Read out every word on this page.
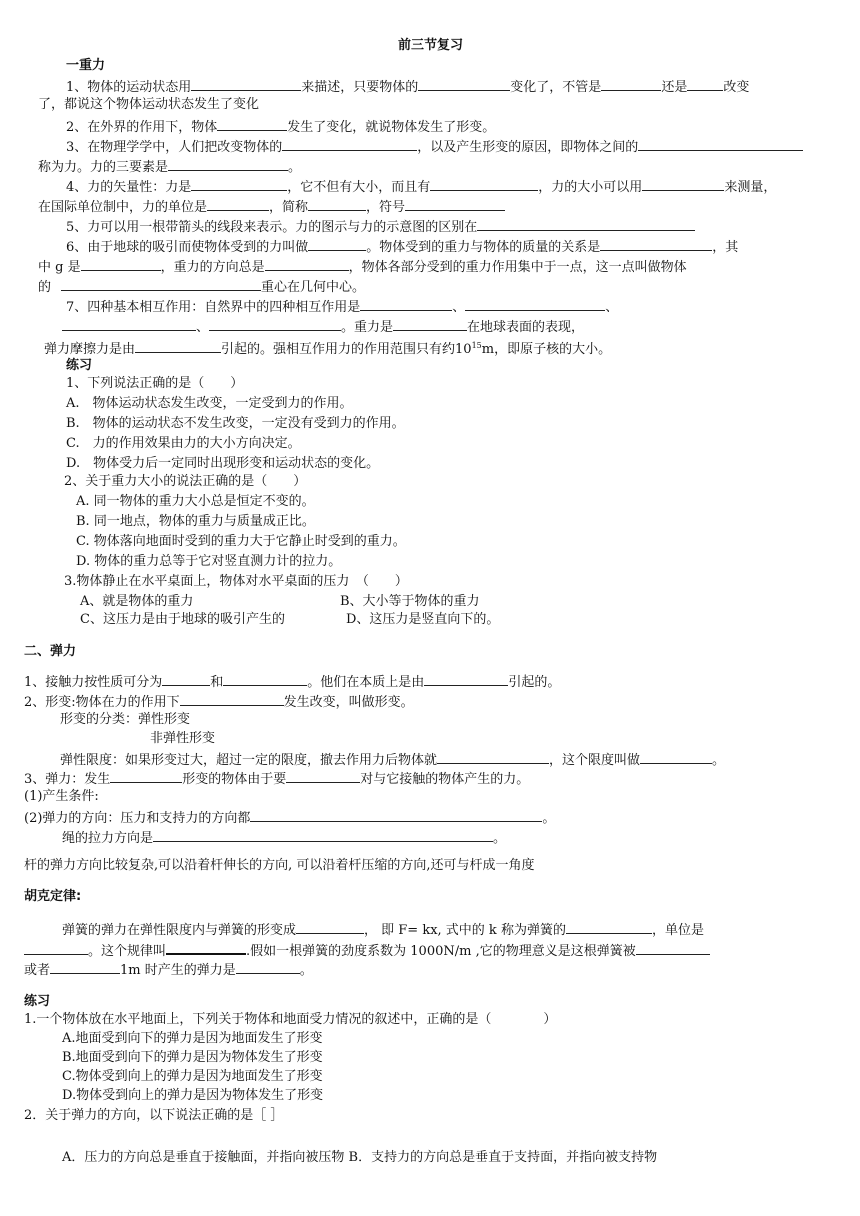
前三节复习
一重力
1、物体的运动状态用	来描述，只要物体的	变化了，不管是	还是	改变
了，都说这个物体运动状态发生了变化
2、在外界的作用下，物体	发生了变化，就说物体发生了形变。
3、在物理学学中，人们把改变物体的	，以及产生形变的原因，即物体之间的
称为力。力的三要素是	。
4、力的矢量性：力是	，它不但有大小，而且有	，力的大小可以用	来测量，
在国际单位制中，力的单位是	，简称	，符号
5、力可以用一根带箭头的线段来表示。力的图示与力的示意图的区别在
6、由于地球的吸引而使物体受到的力叫做	。物体受到的重力与物体的质量的关系是	，其
中 g 是	，重力的方向总是	，物体各部分受到的重力作用集中于一点，这一点叫做物体
的	重心在几何中心。
7、四种基本相互作用：自然界中的四种相互作用是	、	、
、	。重力是	在地球表面的表现，
弹力摩擦力是由	引起的。强相互作用力的作用范围只有约$10^{15}m$，即原子核的大小。
练习
1、下列说法正确的是（　　）
A.　物体运动状态发生改变，一定受到力的作用。
B.　物体的运动状态不发生改变，一定没有受到力的作用。
C.　力的作用效果由力的大小方向决定。
D.　物体受力后一定同时出现形变和运动状态的变化。
2、关于重力大小的说法正确的是（　　）
A. 同一物体的重力大小总是恒定不变的。
B. 同一地点，物体的重力与质量成正比。
C. 物体落向地面时受到的重力大于它静止时受到的重力。
D. 物体的重力总等于它对竖直测力计的拉力。
3.物体静止在水平桌面上，物体对水平桌面的压力　（　　）
A、就是物体的重力	B、大小等于物体的重力
C、这压力是由于地球的吸引产生的	D、这压力是竖直向下的。
二、弹力
1、接触力按性质可分为	和	。他们在本质上是由	引起的。
2、形变:物体在力的作用下	发生改变，叫做形变。
形变的分类：弹性形变
非弹性形变
弹性限度：如果形变过大，超过一定的限度，撤去作用力后物体就	，这个限度叫做	。
3、弹力：发生	形变的物体由于要	对与它接触的物体产生的力。
(1)产生条件:
(2)弹力的方向：压力和支持力的方向都	。
绳的拉力方向是	。
杆的弹力方向比较复杂,可以沿着杆伸长的方向, 可以沿着杆压缩的方向,还可与杆成一角度
胡克定律:
弹簧的弹力在弹性限度内与弹簧的形变成	， 即 F= kx, 式中的 k 称为弹簧的	，单位是
。这个规律叫	.假如一根弹簧的劲度系数为 1000N/m ,它的物理意义是这根弹簧被
或者	1m 时产生的弹力是	。
练习
1.一个物体放在水平地面上，下列关于物体和地面受力情况的叙述中，正确的是（　　　　）
A.地面受到向下的弹力是因为地面发生了形变
B.地面受到向下的弹力是因为物体发生了形变
C.物体受到向上的弹力是因为地面发生了形变
D.物体受到向上的弹力是因为物体发生了形变
2．关于弹力的方向，以下说法正确的是［ ］
A．压力的方向总是垂直于接触面，并指向被压物 B．支持力的方向总是垂直于支持面，并指向被支持物
